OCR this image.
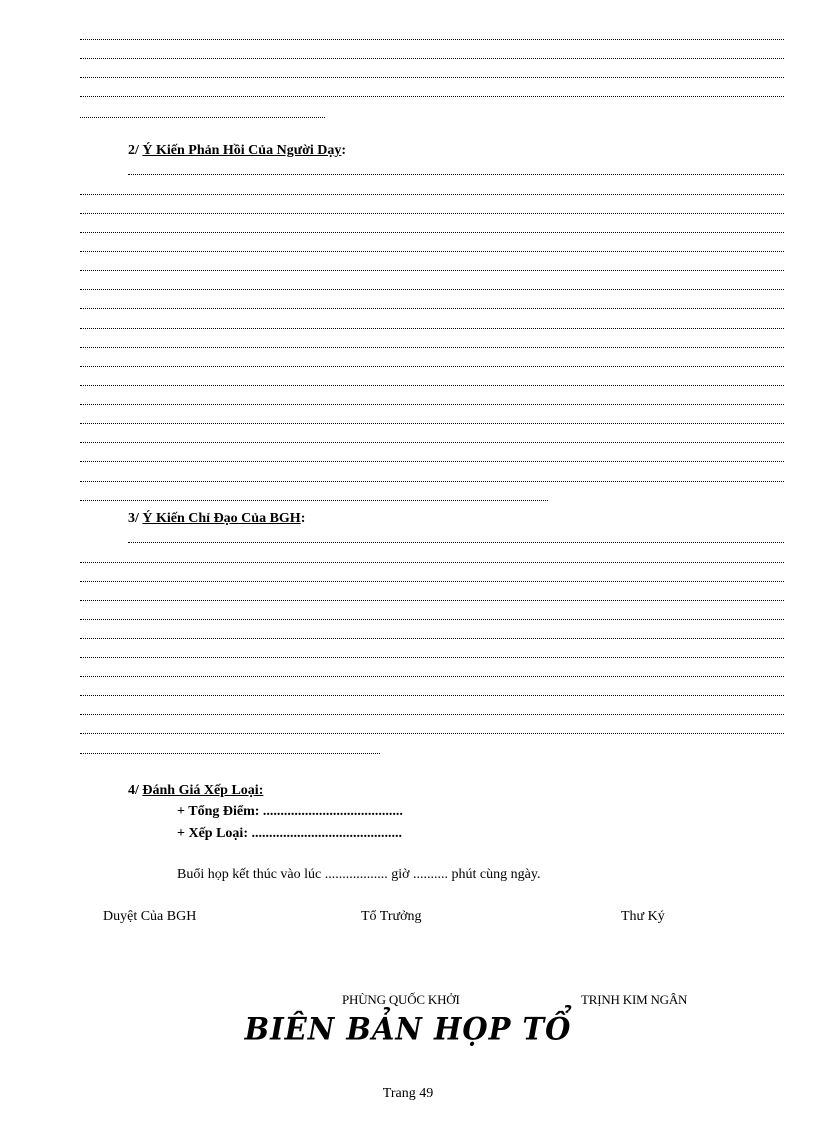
2/ Ý Kiến Phản Hồi Của Người Dạy:
3/ Ý Kiến Chỉ Đạo Của BGH:
4/ Đánh Giá Xếp Loại:
+ Tổng Điểm: ........................................
+ Xếp Loại: ...........................................
Buổi họp kết thúc vào lúc .................. giờ .......... phút cùng ngày.
Duyệt Của BGH	Tổ Trưởng	Thư Ký
PHÙNG QUỐC KHỞI	TRỊNH KIM NGÂN
BIÊN BẢN HỌP TỔ
Trang 49
